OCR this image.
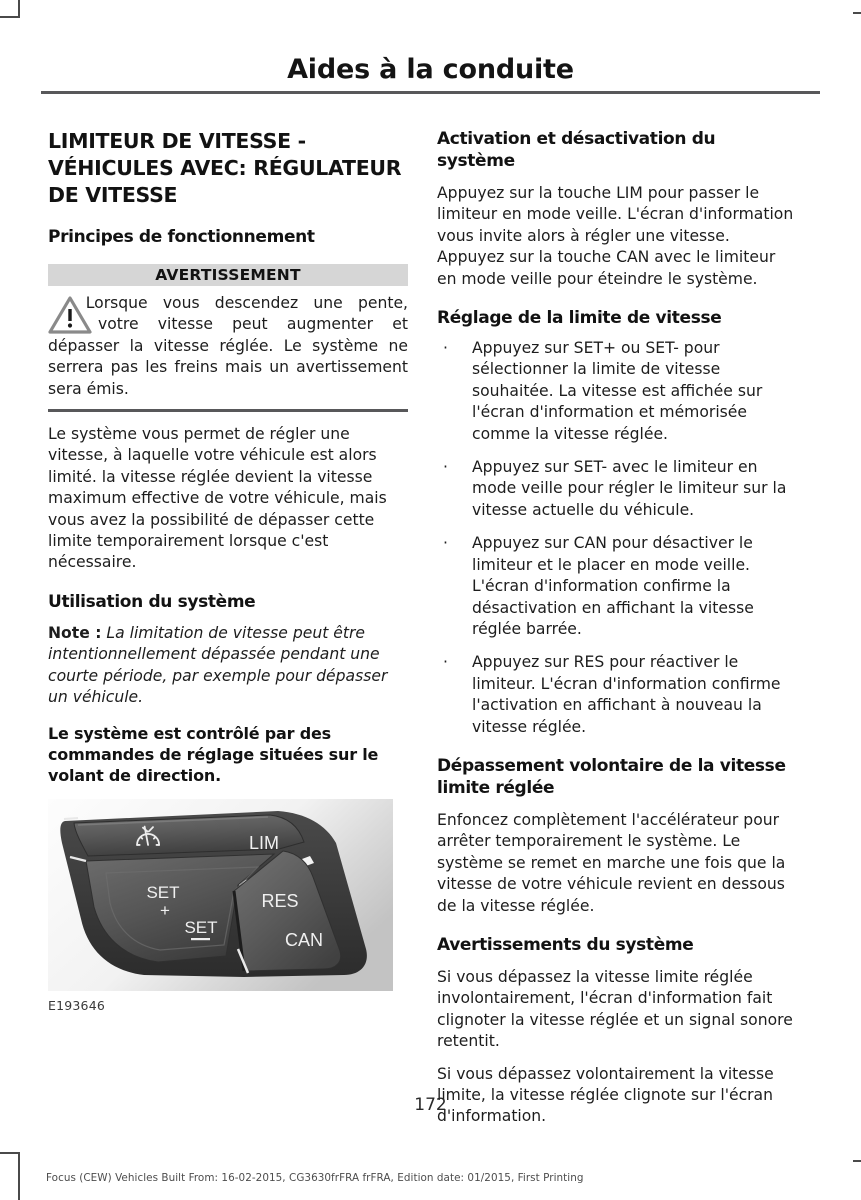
Aides à la conduite
LIMITEUR DE VITESSE - VÉHICULES AVEC: RÉGULATEUR DE VITESSE
Principes de fonctionnement
AVERTISSEMENT
Lorsque vous descendez une pente, votre vitesse peut augmenter et dépasser la vitesse réglée. Le système ne serrera pas les freins mais un avertissement sera émis.

Le système vous permet de régler une vitesse, à laquelle votre véhicule est alors limité. la vitesse réglée devient la vitesse maximum effective de votre véhicule, mais vous avez la possibilité de dépasser cette limite temporairement lorsque c'est nécessaire.

Utilisation du système

Note : La limitation de vitesse peut être intentionnellement dépassée pendant une courte période, par exemple pour dépasser un véhicule.

Le système est contrôlé par des commandes de réglage situées sur le volant de direction.

LIM
SET
+
SET
RES
CAN
E193646
Activation et désactivation du système

Appuyez sur la touche LIM pour passer le limiteur en mode veille. L'écran d'information vous invite alors à régler une vitesse. Appuyez sur la touche CAN avec le limiteur en mode veille pour éteindre le système.

Réglage de la limite de vitesse
· Appuyez sur SET+ ou SET- pour sélectionner la limite de vitesse souhaitée. La vitesse est affichée sur l'écran d'information et mémorisée comme la vitesse réglée.
· Appuyez sur SET- avec le limiteur en mode veille pour régler le limiteur sur la vitesse actuelle du véhicule.
· Appuyez sur CAN pour désactiver le limiteur et le placer en mode veille. L'écran d'information confirme la désactivation en affichant la vitesse réglée barrée.
· Appuyez sur RES pour réactiver le limiteur. L'écran d'information confirme l'activation en affichant à nouveau la vitesse réglée.
Dépassement volontaire de la vitesse limite réglée

Enfoncez complètement l'accélérateur pour arrêter temporairement le système. Le système se remet en marche une fois que la vitesse de votre véhicule revient en dessous de la vitesse réglée.

Avertissements du système

Si vous dépassez la vitesse limite réglée involontairement, l'écran d'information fait clignoter la vitesse réglée et un signal sonore retentit.

Si vous dépassez volontairement la vitesse limite, la vitesse réglée clignote sur l'écran d'information.

172
Focus (CEW) Vehicles Built From: 16-02-2015, CG3630frFRA frFRA, Edition date: 01/2015, First Printing
